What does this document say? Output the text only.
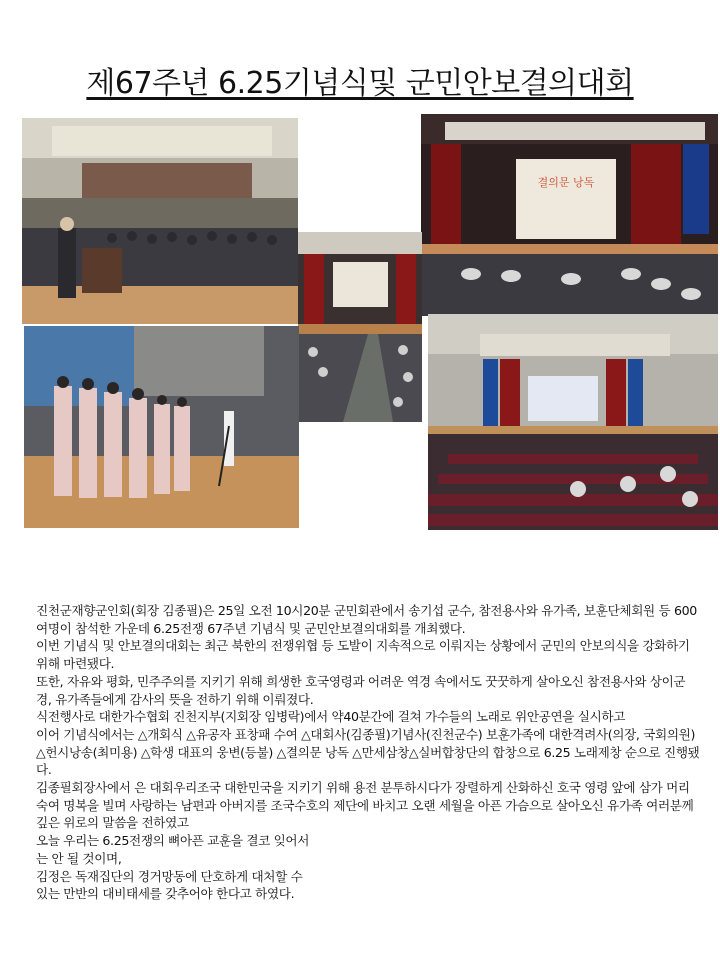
제67주년 6.25기념식및 군민안보결의대회
결의문 낭독

진천군재향군인회(회장 김종필)은 25일 오전 10시20분 군민회관에서 송기섭 군수, 참전용사와 유가족, 보훈단체회원 등 600여명이 참석한 가운데 6.25전쟁 67주년 기념식 및 군민안보결의대회를 개최했다.

이번 기념식 및 안보결의대회는 최근 북한의 전쟁위협 등 도발이 지속적으로 이뤄지는 상황에서 군민의 안보의식을 강화하기 위해 마련됐다.

또한, 자유와 평화, 민주주의를 지키기 위해 희생한 호국영령과 어려운 역경 속에서도 꿋꿋하게 살아오신 참전용사와 상이군경, 유가족들에게 감사의 뜻을 전하기 위해 이뤄졌다.

식전행사로 대한가수협회 진천지부(지회장 임병락)에서 약40분간에 걸쳐 가수들의 노래로 위안공연을 실시하고

이어 기념식에서는 △개회식 △유공자 표창패 수여 △대회사(김종필)기념사(진천군수) 보훈가족에 대한격려사(의장, 국회의원) △헌시낭송(최미용) △학생 대표의 웅변(등불) △결의문 낭독 △만세삼창△실버합창단의 합창으로 6.25 노래제창 순으로 진행됐다.

김종필회장사에서 은 대회우리조국 대한민국을 지키기 위해 용전 분투하시다가 장렬하게 산화하신 호국 영령 앞에 삼가 머리 숙여 명복을 빌며 사랑하는 남편과 아버지를 조국수호의 제단에 바치고 오랜 세월을 아픈 가슴으로 살아오신 유가족 여러분께 깊은 위로의 말씀을 전하였고

오늘 우리는 6.25전쟁의 뼈아픈 교훈을 결코 잊어서

는 안 될 것이며,

김정은 독재집단의 경거망동에 단호하게 대처할 수

있는 만반의 대비태세를 갖추어야 한다고 하였다.
